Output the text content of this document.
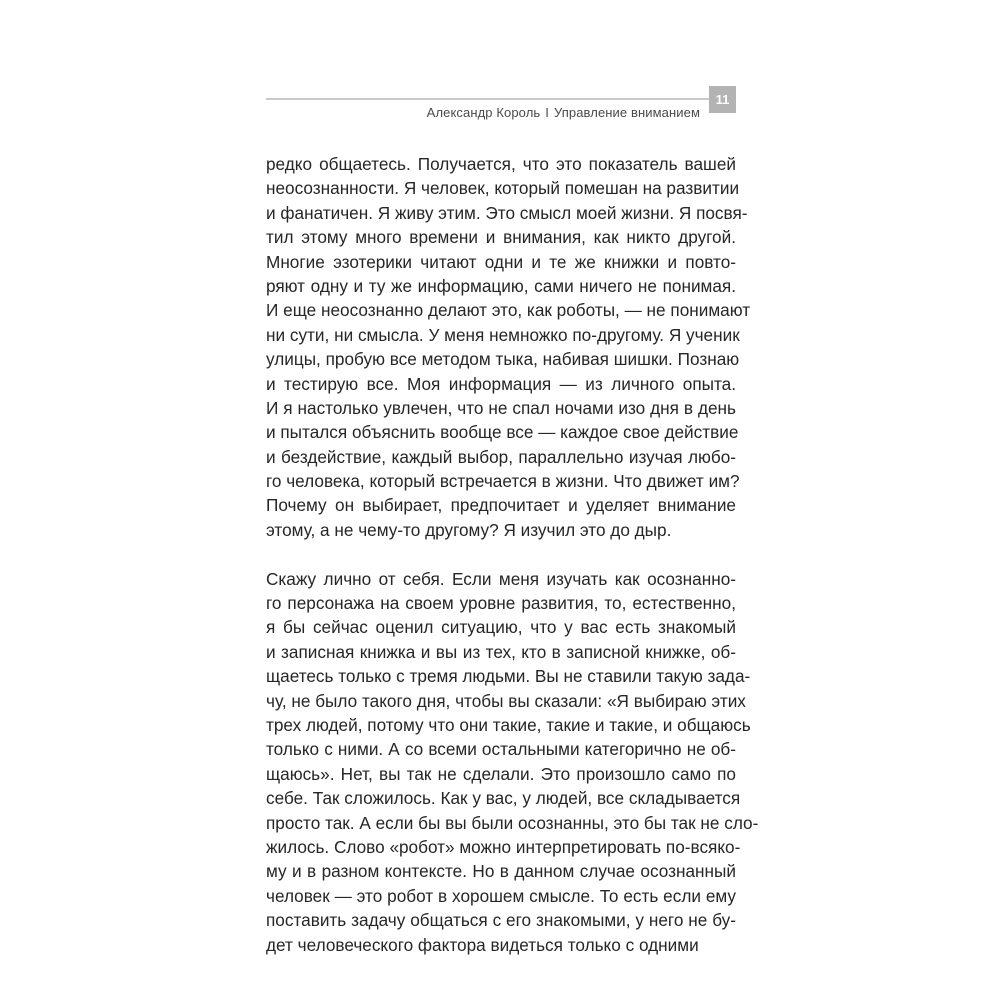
11
Александр Король I Управление вниманием
редко общаетесь. Получается, что это показатель вашей
неосознанности. Я человек, который помешан на развитии
и фанатичен. Я живу этим. Это смысл моей жизни. Я посвя-
тил этому много времени и внимания, как никто другой.
Многие эзотерики читают одни и те же книжки и повто-
ряют одну и ту же информацию, сами ничего не понимая.
И еще неосознанно делают это, как роботы, — не понимают
ни сути, ни смысла. У меня немножко по-другому. Я ученик
улицы, пробую все методом тыка, набивая шишки. Познаю
и тестирую все. Моя информация — из личного опыта.
И я настолько увлечен, что не спал ночами изо дня в день
и пытался объяснить вообще все — каждое свое действие
и бездействие, каждый выбор, параллельно изучая любо-
го человека, который встречается в жизни. Что движет им?
Почему он выбирает, предпочитает и уделяет внимание
этому, а не чему-то другому? Я изучил это до дыр.
Скажу лично от себя. Если меня изучать как осознанно-
го персонажа на своем уровне развития, то, естественно,
я бы сейчас оценил ситуацию, что у вас есть знакомый
и записная книжка и вы из тех, кто в записной книжке, об-
щаетесь только с тремя людьми. Вы не ставили такую зада-
чу, не было такого дня, чтобы вы сказали: «Я выбираю этих
трех людей, потому что они такие, такие и такие, и общаюсь
только с ними. А со всеми остальными категорично не об-
щаюсь». Нет, вы так не сделали. Это произошло само по
себе. Так сложилось. Как у вас, у людей, все складывается
просто так. А если бы вы были осознанны, это бы так не сло-
жилось. Слово «робот» можно интерпретировать по-всяко-
му и в разном контексте. Но в данном случае осознанный
человек — это робот в хорошем смысле. То есть если ему
поставить задачу общаться с его знакомыми, у него не бу-
дет человеческого фактора видеться только с одними
